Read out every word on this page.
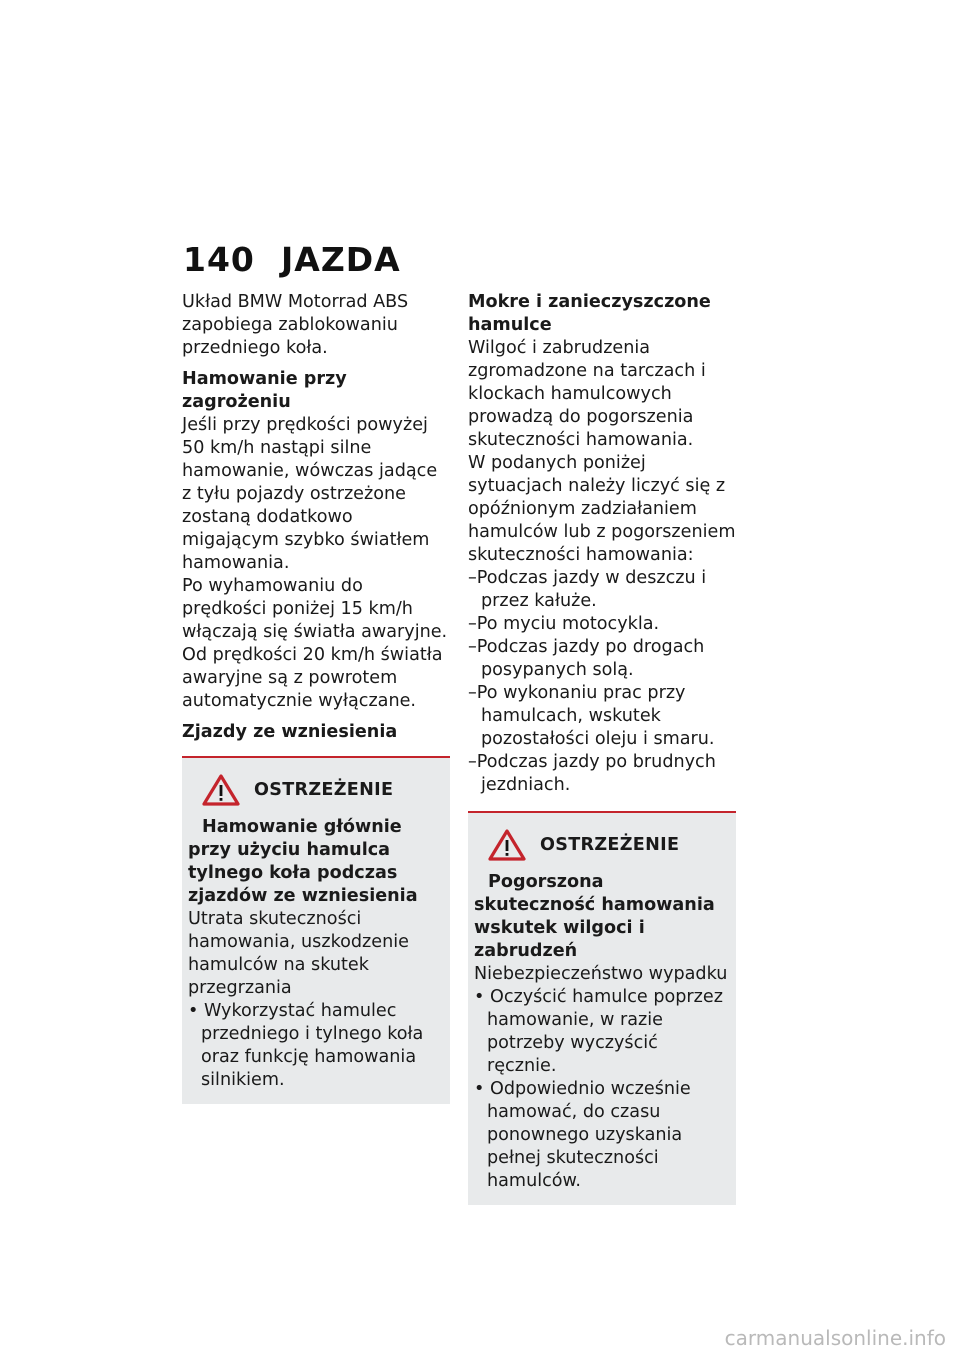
140 JAZDA

Układ BMW Motorrad ABS zapobiega zablokowaniu przedniego koła.

Hamowanie przy zagrożeniu

Jeśli przy prędkości powyżej 50 km/h nastąpi silne hamowanie, wówczas jadące z tyłu pojazdy ostrzeżone zostaną dodatkowo migającym szybko światłem hamowania.

Po wyhamowaniu do prędkości poniżej 15 km/h włączają się światła awaryjne. Od prędkości 20 km/h światła awaryjne są z powrotem automatycznie wyłączane.

Zjazdy ze wzniesienia

OSTRZEŻENIE

Hamowanie głównie przy użyciu hamulca tylnego koła podczas zjazdów ze wzniesienia

Utrata skuteczności hamowania, uszkodzenie hamulców na skutek przegrzania

• Wykorzystać hamulec przedniego i tylnego koła oraz funkcję hamowania silnikiem.

Mokre i zanieczyszczone hamulce

Wilgoć i zabrudzenia zgromadzone na tarczach i klockach hamulcowych prowadzą do pogorszenia skuteczności hamowania.

W podanych poniżej sytuacjach należy liczyć się z opóźnionym zadziałaniem hamulców lub z pogorszeniem skuteczności hamowania:

–Podczas jazdy w deszczu i przez kałuże.
–Po myciu motocykla.
–Podczas jazdy po drogach posypanych solą.
–Po wykonaniu prac przy hamulcach, wskutek pozostałości oleju i smaru.
–Podczas jazdy po brudnych jezdniach.
OSTRZEŻENIE

Pogorszona skuteczność hamowania wskutek wilgoci i zabrudzeń

Niebezpieczeństwo wypadku

• Oczyścić hamulce poprzez hamowanie, w razie potrzeby wyczyścić ręcznie.
• Odpowiednio wcześnie hamować, do czasu ponownego uzyskania pełnej skuteczności hamulców.
carmanualsonline.info
